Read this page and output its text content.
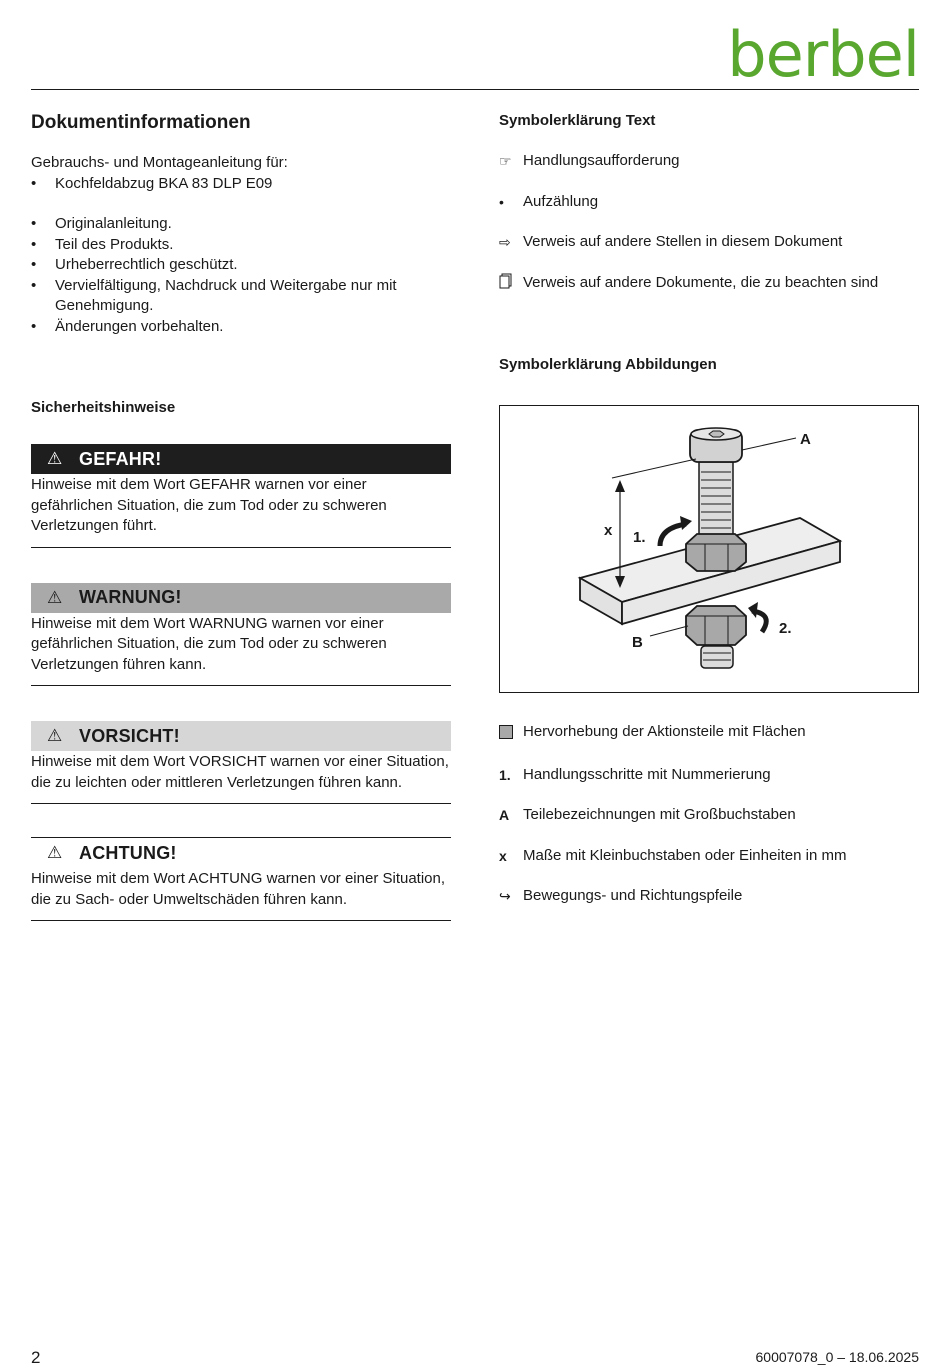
berbel
Dokumentinformationen
Gebrauchs- und Montageanleitung für:
• Kochfeldabzug BKA 83 DLP E09
• Originalanleitung.
• Teil des Produkts.
• Urheberrechtlich geschützt.
• Vervielfältigung, Nachdruck und Weitergabe nur mit Genehmigung.
• Änderungen vorbehalten.
Sicherheitshinweise
⚠ GEFAHR!
Hinweise mit dem Wort GEFAHR warnen vor einer gefährlichen Situation, die zum Tod oder zu schweren Verletzungen führt.
⚠ WARNUNG!
Hinweise mit dem Wort WARNUNG warnen vor einer gefährlichen Situation, die zum Tod oder zu schweren Verletzungen führen kann.
⚠ VORSICHT!
Hinweise mit dem Wort VORSICHT warnen vor einer Situation, die zu leichten oder mittleren Verletzungen führen kann.
⚠ ACHTUNG!
Hinweise mit dem Wort ACHTUNG warnen vor einer Situation, die zu Sach- oder Umweltschäden führen kann.
Symbolerklärung Text
☞ Handlungsaufforderung
•	Aufzählung
⇨ Verweis auf andere Stellen in diesem Dokument
Verweis auf andere Dokumente, die zu beachten sind
Symbolerklärung Abbildungen
A
B
x 1.
2.
Hervorhebung der Aktionsteile mit Flächen
1. Handlungsschritte mit Nummerierung
A Teilebezeichnungen mit Großbuchstaben
x	Maße mit Kleinbuchstaben oder Einheiten in mm
↪ Bewegungs- und Richtungspfeile
2	60007078_0 – 18.06.2025
